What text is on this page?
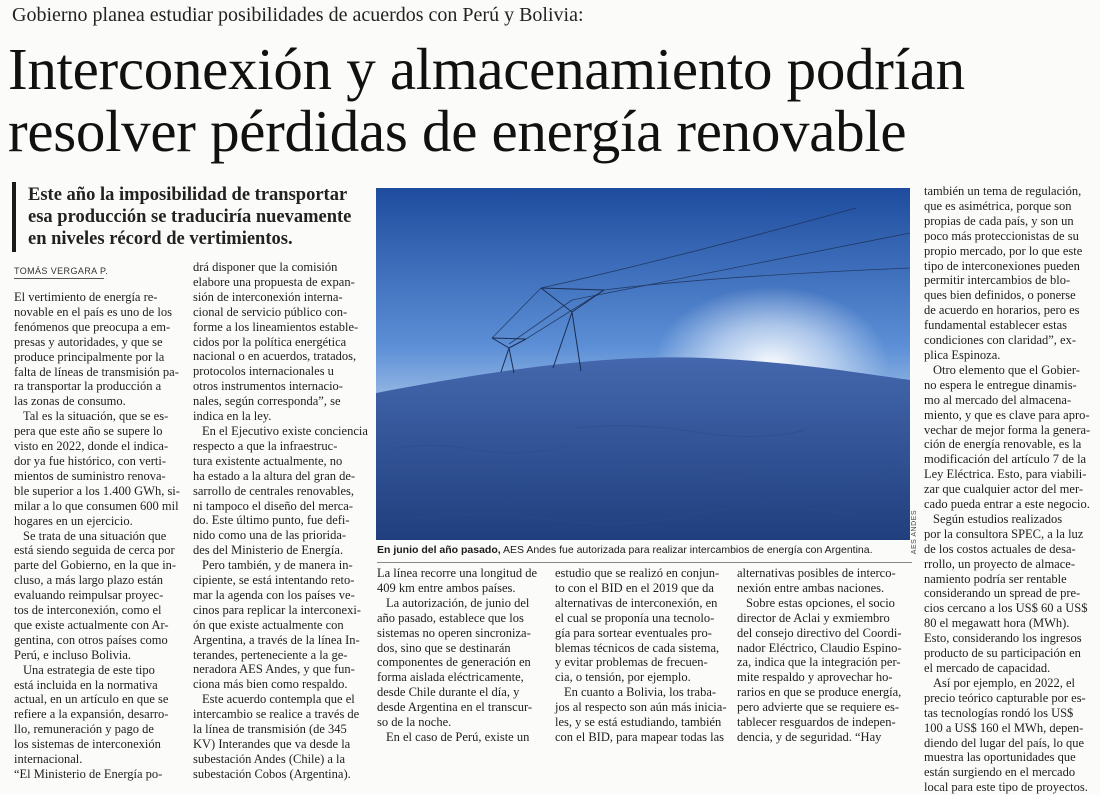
Gobierno planea estudiar posibilidades de acuerdos con Perú y Bolivia:
Interconexión y almacenamiento podrían
resolver pérdidas de energía renovable
Este año la imposibilidad de transportar
esa producción se traduciría nuevamente
en niveles récord de vertimientos.
TOMÁS VERGARA P.

El vertimiento de energía re-

novable en el país es uno de los

fenómenos que preocupa a em-

presas y autoridades, y que se

produce principalmente por la

falta de líneas de transmisión pa-

ra transportar la producción a

las zonas de consumo.

Tal es la situación, que se es-

pera que este año se supere lo

visto en 2022, donde el indica-

dor ya fue histórico, con verti-

mientos de suministro renova-

ble superior a los 1.400 GWh, si-

milar a lo que consumen 600 mil

hogares en un ejercicio.

Se trata de una situación que

está siendo seguida de cerca por

parte del Gobierno, en la que in-

cluso, a más largo plazo están

evaluando reimpulsar proyec-

tos de interconexión, como el

que existe actualmente con Ar-

gentina, con otros países como

Perú, e incluso Bolivia.

Una estrategia de este tipo

está incluida en la normativa

actual, en un artículo en que se

refiere a la expansión, desarro-

llo, remuneración y pago de

los sistemas de interconexión

internacional.

“El Ministerio de Energía po-

drá disponer que la comisión

elabore una propuesta de expan-

sión de interconexión interna-

cional de servicio público con-

forme a los lineamientos estable-

cidos por la política energética

nacional o en acuerdos, tratados,

protocolos internacionales u

otros instrumentos internacio-

nales, según corresponda”, se

indica en la ley.

En el Ejecutivo existe conciencia

respecto a que la infraestruc-

tura existente actualmente, no

ha estado a la altura del gran de-

sarrollo de centrales renovables,

ni tampoco el diseño del merca-

do. Este último punto, fue defi-

nido como una de las priorida-

des del Ministerio de Energía.

Pero también, y de manera in-

cipiente, se está intentando reto-

mar la agenda con los países ve-

cinos para replicar la interconexi-

ón que existe actualmente con

Argentina, a través de la línea In-

terandes, perteneciente a la ge-

neradora AES Andes, y que fun-

ciona más bien como respaldo.

Este acuerdo contempla que el

intercambio se realice a través de

la línea de transmisión (de 345

KV) Interandes que va desde la

subestación Andes (Chile) a la

subestación Cobos (Argentina).

La línea recorre una longitud de

409 km entre ambos países.

La autorización, de junio del

año pasado, establece que los

sistemas no operen sincroniza-

dos, sino que se destinarán

componentes de generación en

forma aislada eléctricamente,

desde Chile durante el día, y

desde Argentina en el transcur-

so de la noche.

En el caso de Perú, existe un

estudio que se realizó en conjun-

to con el BID en el 2019 que da

alternativas de interconexión, en

el cual se proponía una tecnolo-

gía para sortear eventuales pro-

blemas técnicos de cada sistema,

y evitar problemas de frecuen-

cia, o tensión, por ejemplo.

En cuanto a Bolivia, los traba-

jos al respecto son aún más inicia-

les, y se está estudiando, también

con el BID, para mapear todas las

alternativas posibles de interco-

nexión entre ambas naciones.

Sobre estas opciones, el socio

director de Aclai y exmiembro

del consejo directivo del Coordi-

nador Eléctrico, Claudio Espino-

za, indica que la integración per-

mite respaldo y aprovechar ho-

rarios en que se produce energía,

pero advierte que se requiere es-

tablecer resguardos de indepen-

dencia, y de seguridad. “Hay

también un tema de regulación,

que es asimétrica, porque son

propias de cada país, y son un

poco más proteccionistas de su

propio mercado, por lo que este

tipo de interconexiones pueden

permitir intercambios de blo-

ques bien definidos, o ponerse

de acuerdo en horarios, pero es

fundamental establecer estas

condiciones con claridad”, ex-

plica Espinoza.

Otro elemento que el Gobier-

no espera le entregue dinamis-

mo al mercado del almacena-

miento, y que es clave para apro-

vechar de mejor forma la genera-

ción de energía renovable, es la

modificación del artículo 7 de la

Ley Eléctrica. Esto, para viabili-

zar que cualquier actor del mer-

cado pueda entrar a este negocio.

Según estudios realizados

por la consultora SPEC, a la luz

de los costos actuales de desa-

rrollo, un proyecto de almace-

namiento podría ser rentable

considerando un spread de pre-

cios cercano a los US$ 60 a US$

80 el megawatt hora (MWh).

Esto, considerando los ingresos

producto de su participación en

el mercado de capacidad.

Así por ejemplo, en 2022, el

precio teórico capturable por es-

tas tecnologías rondó los US$

100 a US$ 160 el MWh, depen-

diendo del lugar del país, lo que

muestra las oportunidades que

están surgiendo en el mercado

local para este tipo de proyectos.

AES ANDES
En junio del año pasado, AES Andes fue autorizada para realizar intercambios de energía con Argentina.
